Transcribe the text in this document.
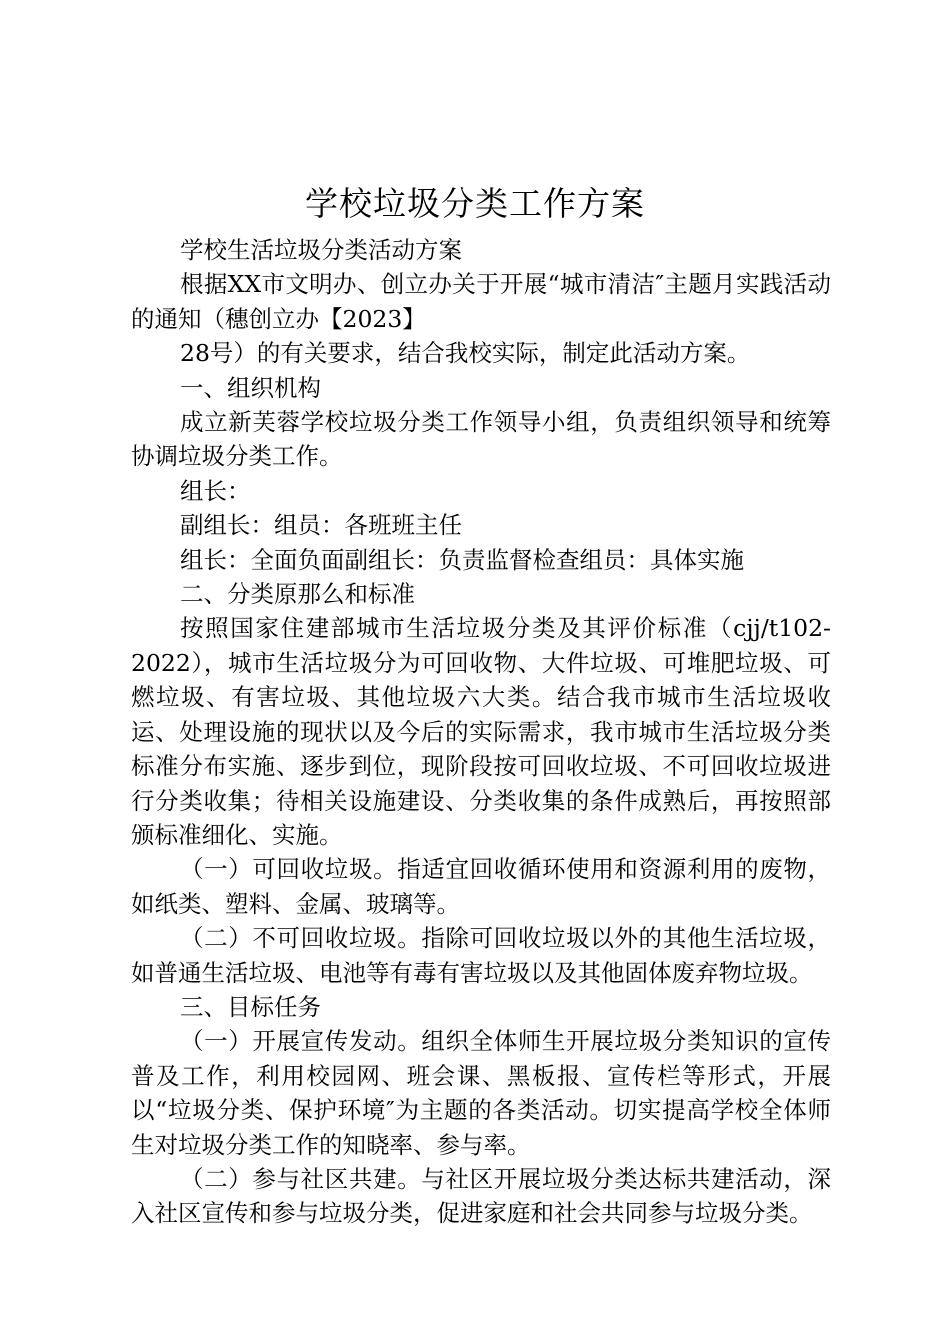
学校垃圾分类工作方案

学校生活垃圾分类活动方案

根据XX市文明办、创立办关于开展“城市清洁″主题月实践活动的通知（穗创立办【2023】

28号）的有关要求，结合我校实际，制定此活动方案。

一、组织机构

成立新芙蓉学校垃圾分类工作领导小组，负责组织领导和统筹协调垃圾分类工作。

组长：

副组长：组员：各班班主任

组长：全面负面副组长：负责监督检查组员：具体实施

二、分类原那么和标准

按照国家住建部城市生活垃圾分类及其评价标准（cjj/t102-2022），城市生活垃圾分为可回收物、大件垃圾、可堆肥垃圾、可燃垃圾、有害垃圾、其他垃圾六大类。结合我市城市生活垃圾收运、处理设施的现状以及今后的实际需求，我市城市生活垃圾分类标准分布实施、逐步到位，现阶段按可回收垃圾、不可回收垃圾进行分类收集；待相关设施建设、分类收集的条件成熟后，再按照部颁标准细化、实施。

（一）可回收垃圾。指适宜回收循环使用和资源利用的废物，如纸类、塑料、金属、玻璃等。

（二）不可回收垃圾。指除可回收垃圾以外的其他生活垃圾，如普通生活垃圾、电池等有毒有害垃圾以及其他固体废弃物垃圾。

三、目标任务

（一）开展宣传发动。组织全体师生开展垃圾分类知识的宣传普及工作，利用校园网、班会课、黑板报、宣传栏等形式，开展以“垃圾分类、保护环境″为主题的各类活动。切实提高学校全体师生对垃圾分类工作的知晓率、参与率。

（二）参与社区共建。与社区开展垃圾分类达标共建活动，深入社区宣传和参与垃圾分类，促进家庭和社会共同参与垃圾分类。
